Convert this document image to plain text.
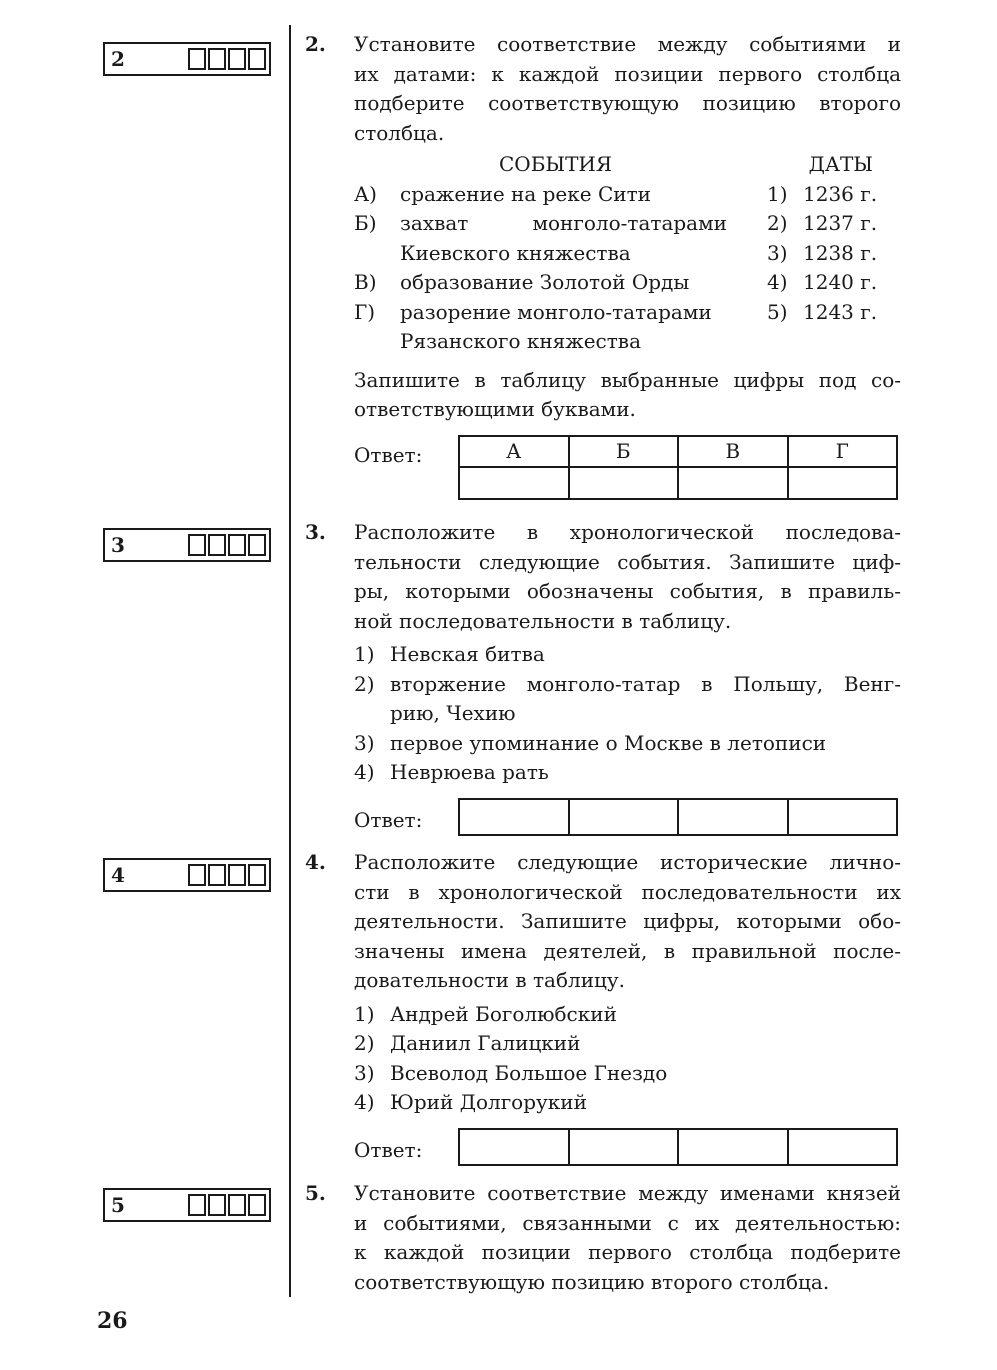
2
3
4
5
2. Установите соответствие между событиями и
их датами: к каждой позиции первого столбца
подберите соответствующую позицию второго
столбца.
СОБЫТИЯ	ДАТЫ
А)	сражение на реке Сити	1) 1236 г.
Б)	захват монголо-татарами 2) 1237 г.
Киевского княжества	3) 1238 г.
В)	образование Золотой Орды	4) 1240 г.
Г)	разорение монголо-татарами	5) 1243 г.
Рязанского княжества
Запишите в таблицу выбранные цифры под со-
ответствующими буквами.
Ответ:	А	Б	В	Г

3. Расположите в хронологической последова-
тельности следующие события. Запишите циф-
ры, которыми обозначены события, в правиль-
ной последовательности в таблицу.
1) Невская битва
2) вторжение монголо-татар в Польшу, Венг-
рию, Чехию
3) первое упоминание о Москве в летописи
4) Неврюева рать
Ответ:

4. Расположите следующие исторические лично-
сти в хронологической последовательности их
деятельности. Запишите цифры, которыми обо-
значены имена деятелей, в правильной после-
довательности в таблицу.
1) Андрей Боголюбский
2) Даниил Галицкий
3) Всеволод Большое Гнездо
4) Юрий Долгорукий
Ответ:

5. Установите соответствие между именами князей
и событиями, связанными с их деятельностью:
к каждой позиции первого столбца подберите
соответствующую позицию второго столбца.
26
